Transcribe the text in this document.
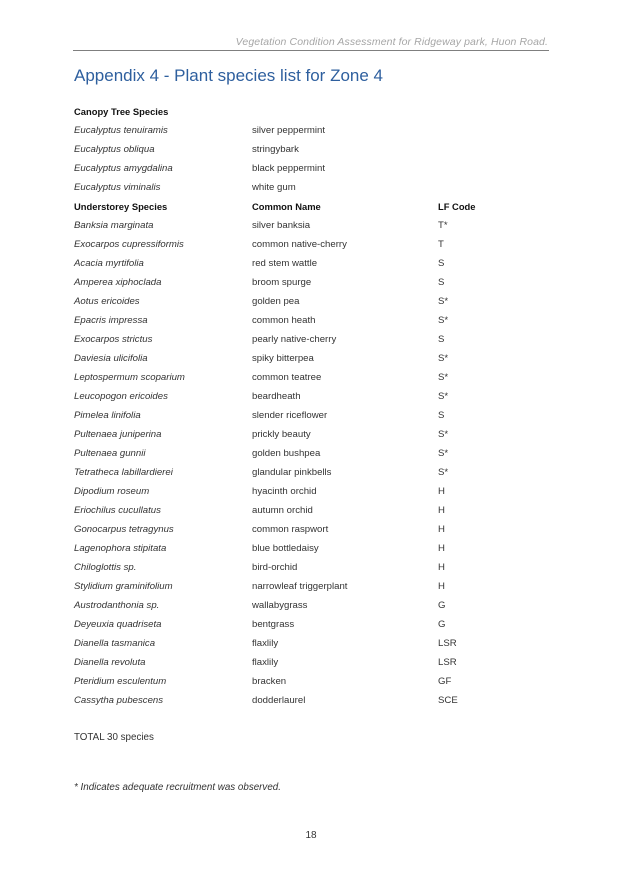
Vegetation Condition Assessment for Ridgeway park, Huon Road.
Appendix 4 - Plant species list for Zone 4
Canopy Tree Species
Eucalyptus tenuiramis	silver peppermint
Eucalyptus obliqua	stringybark
Eucalyptus amygdalina	black peppermint
Eucalyptus viminalis	white gum
Understorey Species	Common Name	LF Code
Banksia marginata	silver banksia	T*
Exocarpos cupressiformis	common native-cherry	T
Acacia myrtifolia	red stem wattle	S
Amperea xiphoclada	broom spurge	S
Aotus ericoides	golden pea	S*
Epacris impressa	common heath	S*
Exocarpos strictus	pearly native-cherry	S
Daviesia ulicifolia	spiky bitterpea	S*
Leptospermum scoparium	common teatree	S*
Leucopogon ericoides	beardheath	S*
Pimelea linifolia	slender riceflower	S
Pultenaea juniperina	prickly beauty	S*
Pultenaea gunnii	golden bushpea	S*
Tetratheca labillardierei	glandular pinkbells	S*
Dipodium roseum	hyacinth orchid	H
Eriochilus cucullatus	autumn orchid	H
Gonocarpus tetragynus	common raspwort	H
Lagenophora stipitata	blue bottledaisy	H
Chiloglottis sp.	bird-orchid	H
Stylidium graminifolium	narrowleaf triggerplant	H
Austrodanthonia sp.	wallabygrass	G
Deyeuxia quadriseta	bentgrass	G
Dianella tasmanica	flaxlily	LSR
Dianella revoluta	flaxlily	LSR
Pteridium esculentum	bracken	GF
Cassytha pubescens	dodderlaurel	SCE
TOTAL 30 species
* Indicates adequate recruitment was observed.
18
